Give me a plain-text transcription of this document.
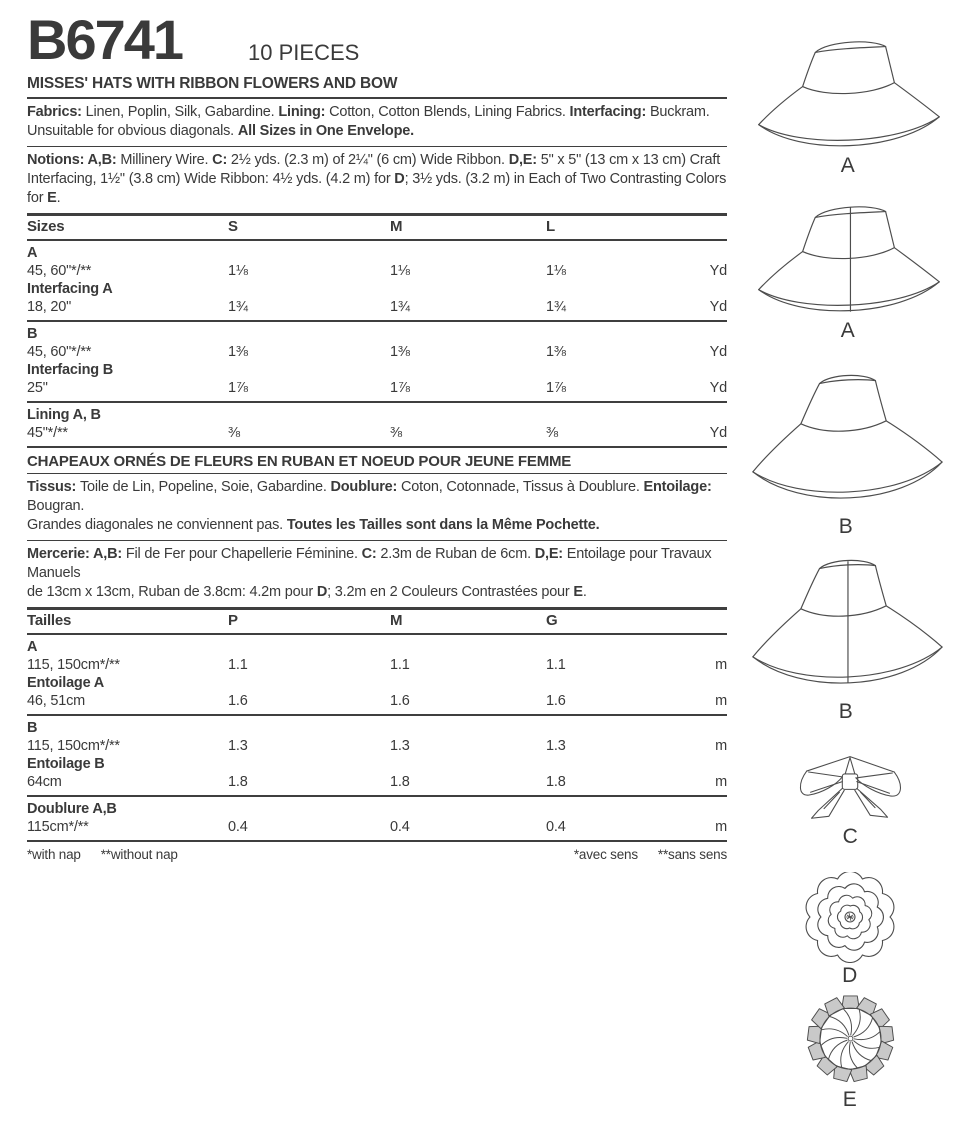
B6741	10 PIECES
MISSES' HATS WITH RIBBON FLOWERS AND BOW
Fabrics: Linen, Poplin, Silk, Gabardine. Lining: Cotton, Cotton Blends, Lining Fabrics. Interfacing: Buckram.
Unsuitable for obvious diagonals. All Sizes in One Envelope.
Notions: A,B: Millinery Wire. C: 2½ yds. (2.3 m) of 2¼" (6 cm) Wide Ribbon. D,E: 5" x 5" (13 cm x 13 cm) Craft
Interfacing, 1½" (3.8 cm) Wide Ribbon: 4½ yds. (4.2 m) for D; 3½ yds. (3.2 m) in Each of Two Contrasting Colors for E.
Sizes	S	M	L
A
45, 60"*/**	1⅛	1⅛	1⅛	Yd
Interfacing A
18, 20"	1¾	1¾	1¾	Yd
B
45, 60"*/**	1⅜	1⅜	1⅜	Yd
Interfacing B
25"	1⅞	1⅞	1⅞	Yd
Lining A, B
45"*/**	⅜	⅜	⅜	Yd
CHAPEAUX ORNÉS DE FLEURS EN RUBAN ET NOEUD POUR JEUNE FEMME
Tissus: Toile de Lin, Popeline, Soie, Gabardine. Doublure: Coton, Cotonnade, Tissus à Doublure. Entoilage: Bougran.
Grandes diagonales ne conviennent pas. Toutes les Tailles sont dans la Même Pochette.
Mercerie: A,B: Fil de Fer pour Chapellerie Féminine. C: 2.3m de Ruban de 6cm. D,E: Entoilage pour Travaux Manuels
de 13cm x 13cm, Ruban de 3.8cm: 4.2m pour D; 3.2m en 2 Couleurs Contrastées pour E.
Tailles	P	M	G
A
115, 150cm*/**	1.1	1.1	1.1	m
Entoilage A
46, 51cm	1.6	1.6	1.6	m
B
115, 150cm*/**	1.3	1.3	1.3	m
Entoilage B
64cm	1.8	1.8	1.8	m
Doublure A,B
115cm*/**	0.4	0.4	0.4	m
*with nap **without nap	*avec sens **sans sens
A
A
B
B
C
D
E
